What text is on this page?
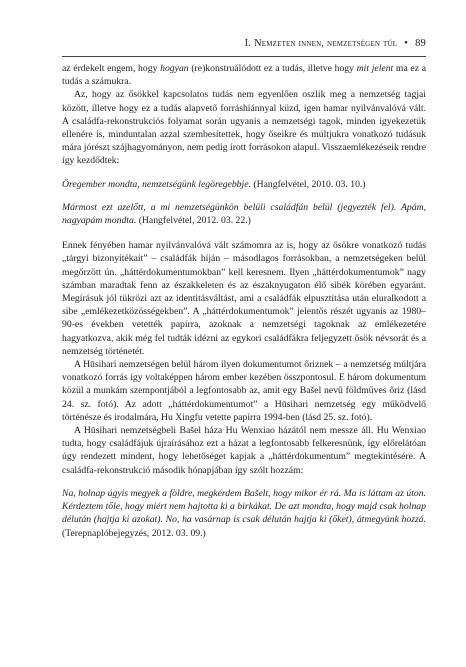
I. Nemzeten innen, nemzetségen túl • 89

az érdekelt engem, hogy hogyan (re)konstruálódott ez a tudás, illetve hogy mit jelent ma ez a tudás a számukra.

Az, hogy az ősökkel kapcsolatos tudás nem egyenlően oszlik meg a nemzetség tagjai között, illetve hogy ez a tudás alapvető forráshiánnyal küzd, igen hamar nyilvánvalóvá vált. A családfa-rekonstrukciós folyamat során ugyanis a nemzetségi tagok, minden igyekezetük ellenére is, minduntalan azzal szembesítettek, hogy őseikre és múltjukra vonatkozó tudásuk mára jórészt szájhagyományon, nem pedig írott forrásokon alapul. Visszaemlékezéseik rendre így kezdődtek:

Öregember mondta, nemzetségünk legöregebbje. (Hangfelvétel, 2010. 03. 10.)

Mármost ezt azelőtt, a mi nemzetségünkön belüli családfán belül (jegyezték fel). Apám, nagyapám mondta. (Hangfelvétel, 2012. 03. 22.)

Ennek fényében hamar nyilvánvalóvá vált számomra az is, hogy az ősökre vonatkozó tudás „tárgyi bizonyítékait” – családfák híján – másodlagos forrásokban, a nemzetségeken belül megőrzött ún. „háttérdokumentumokban” kell keresnem. Ilyen „háttérdokumentumok” nagy számban maradtak fenn az északkeleten és az északnyugaton élő sibék körében egyaránt. Megírásuk jól tükrözi azt az identitásváltást, ami a családfák elpusztítása után eluralkodott a sibe „emlékezetközösségekben”. A „háttérdokumentumok” jelentős részét ugyanis az 1980–90-es években vetették papírra, azoknak a nemzetségi tagoknak az emlékezetére hagyatkozva, akik még fel tudták idézni az egykori családfákra feljegyzett ősök névsorát és a nemzetség történetét.

A Hūsihari nemzetségen belül három ilyen dokumentumot őriznek – a nemzetség múltjára vonatkozó forrás így voltaképpen három ember kezében összpontosul. E három dokumentum közül a munkám szempontjából a legfontosabb az, amit egy Bašel nevű földműves őriz (lásd 24. sz. fotó). Az adott „háttérdokumentumot” a Hūsihari nemzetség egy működvelő történésze és irodalmára, Hu Xingfu vetette papírra 1994-ben (lásd 25. sz. fotó).

A Hūsihari nemzetségbeli Bašel háza Hu Wenxiao házától nem messze áll. Hu Wenxiao tudta, hogy családfájuk újraírásához ezt a házat a legfontosabb felkeresnünk, így előrelátóan úgy rendezett mindent, hogy lehetőséget kapjak a „háttérdokumentum” megtekintésére. A családfa-rekonstrukció második hónapjában így szólt hozzám:

Na, holnap úgyis megyek a földre, megkérdem Bašelt, hogy mikor ér rá. Ma is láttam az úton. Kérdeztem tőle, hogy miért nem hajtotta ki a birkákat. De azt mondta, hogy majd csak holnap délután (hajtja ki azokat). No, ha vasárnap is csak délután hajtja ki (őket), átmegyünk hozzá. (Terepnaplóbejegyzés, 2012. 03. 09.)
